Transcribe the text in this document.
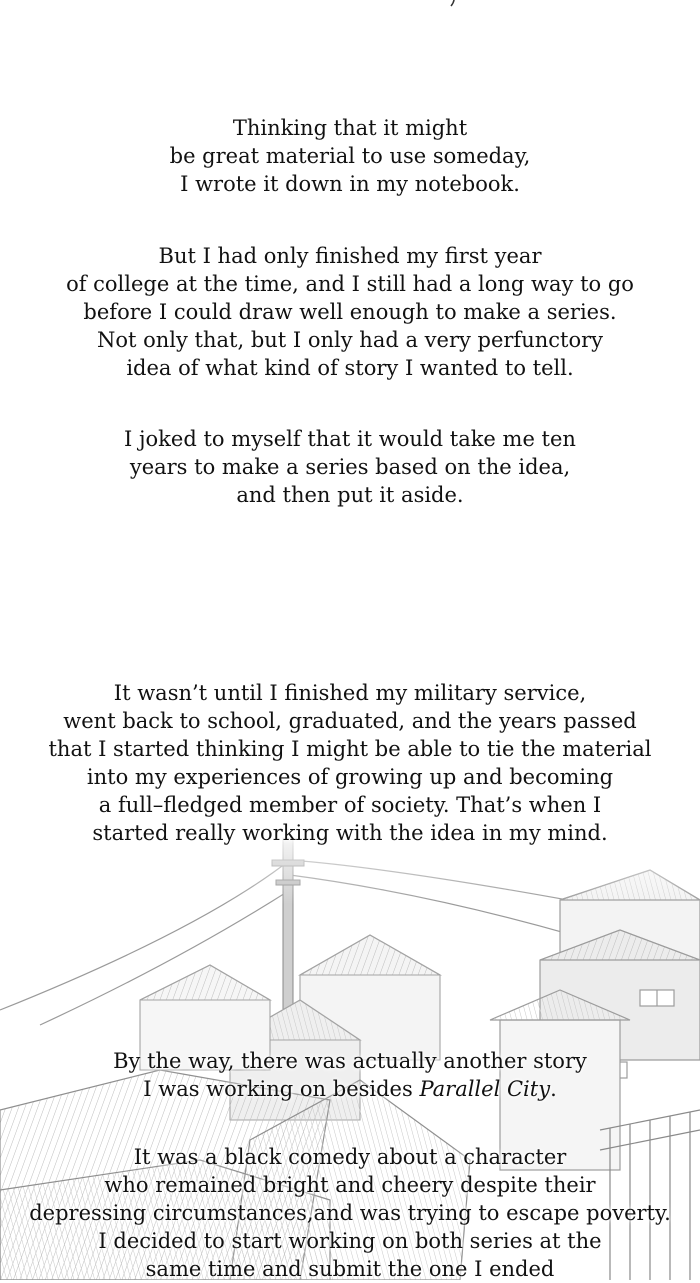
Thinking that it might
be great material to use someday,
I wrote it down in my notebook.
But I had only finished my first year
of college at the time, and I still had a long way to go
before I could draw well enough to make a series.
Not only that, but I only had a very perfunctory
idea of what kind of story I wanted to tell.
I joked to myself that it would take me ten
years to make a series based on the idea,
and then put it aside.
It wasn’t until I finished my military service,
went back to school, graduated, and the years passed
that I started thinking I might be able to tie the material
into my experiences of growing up and becoming
a full–fledged member of society. That’s when I
started really working with the idea in my mind.
By the way, there was actually another story
I was working on besides Parallel City.
It was a black comedy about a character
who remained bright and cheery despite their
depressing circumstances,and was trying to escape poverty.
I decided to start working on both series at the
same time and submit the one I ended
